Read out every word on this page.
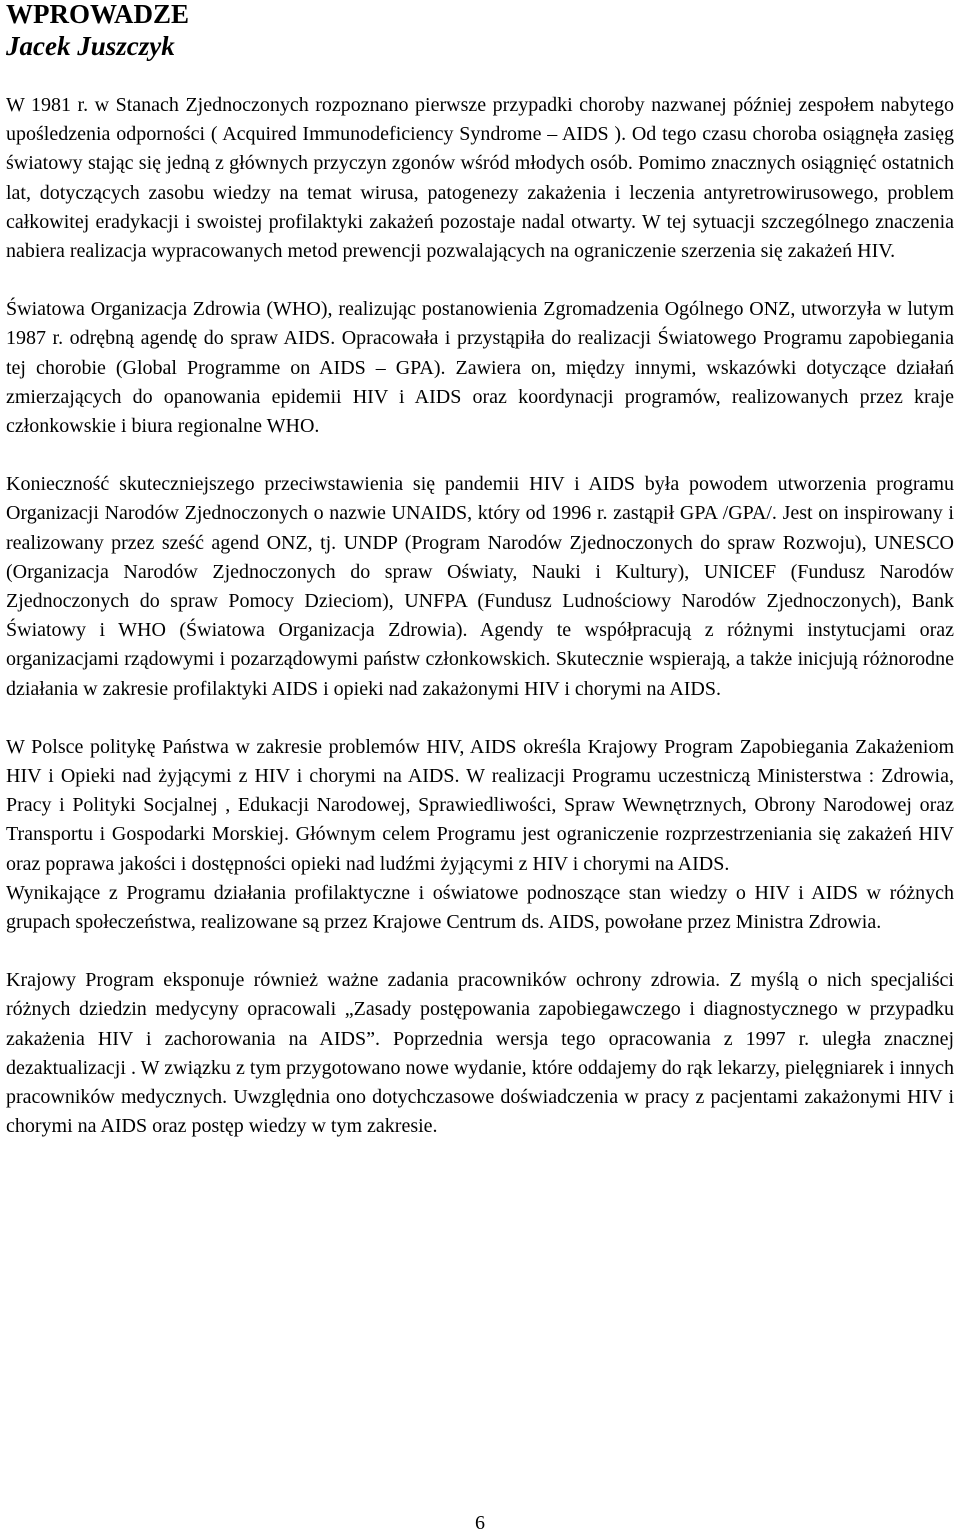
WPROWADZE
Jacek Juszczyk

W 1981 r. w Stanach Zjednoczonych rozpoznano pierwsze przypadki choroby nazwanej później zespołem nabytego upośledzenia odporności ( Acquired Immunodeficiency Syndrome – AIDS ). Od tego czasu choroba osiągnęła zasięg światowy stając się jedną z głównych przyczyn zgonów wśród młodych osób. Pomimo znacznych osiągnięć ostatnich lat, dotyczących zasobu wiedzy na temat wirusa, patogenezy zakażenia i leczenia antyretrowirusowego, problem całkowitej eradykacji i swoistej profilaktyki zakażeń pozostaje nadal otwarty. W tej sytuacji szczególnego znaczenia nabiera realizacja wypracowanych metod prewencji pozwalających na ograniczenie szerzenia się zakażeń HIV.

Światowa Organizacja Zdrowia (WHO), realizując postanowienia Zgromadzenia Ogólnego ONZ, utworzyła w lutym 1987 r. odrębną agendę do spraw AIDS. Opracowała i przystąpiła do realizacji Światowego Programu zapobiegania tej chorobie (Global Programme on AIDS – GPA). Zawiera on, między innymi, wskazówki dotyczące działań zmierzających do opanowania epidemii HIV i AIDS oraz koordynacji programów, realizowanych przez kraje członkowskie i biura regionalne WHO.

Konieczność skuteczniejszego przeciwstawienia się pandemii HIV i AIDS była powodem utworzenia programu Organizacji Narodów Zjednoczonych o nazwie UNAIDS, który od 1996 r. zastąpił GPA /GPA/. Jest on inspirowany i realizowany przez sześć agend ONZ, tj. UNDP (Program Narodów Zjednoczonych do spraw Rozwoju), UNESCO (Organizacja Narodów Zjednoczonych do spraw Oświaty, Nauki i Kultury), UNICEF (Fundusz Narodów Zjednoczonych do spraw Pomocy Dzieciom), UNFPA (Fundusz Ludnościowy Narodów Zjednoczonych), Bank Światowy i WHO (Światowa Organizacja Zdrowia). Agendy te współpracują z różnymi instytucjami oraz organizacjami rządowymi i pozarządowymi państw członkowskich. Skutecznie wspierają, a także inicjują różnorodne działania w zakresie profilaktyki AIDS i opieki nad zakażonymi HIV i chorymi na AIDS.

W Polsce politykę Państwa w zakresie problemów HIV, AIDS określa Krajowy Program Zapobiegania Zakażeniom HIV i Opieki nad żyjącymi z HIV i chorymi na AIDS. W realizacji Programu uczestniczą Ministerstwa : Zdrowia, Pracy i Polityki Socjalnej , Edukacji Narodowej, Sprawiedliwości, Spraw Wewnętrznych, Obrony Narodowej oraz Transportu i Gospodarki Morskiej. Głównym celem Programu jest ograniczenie rozprzestrzeniania się zakażeń HIV oraz poprawa jakości i dostępności opieki nad ludźmi żyjącymi z HIV i chorymi na AIDS.

Wynikające z Programu działania profilaktyczne i oświatowe podnoszące stan wiedzy o HIV i AIDS w różnych grupach społeczeństwa, realizowane są przez Krajowe Centrum ds. AIDS, powołane przez Ministra Zdrowia.

Krajowy Program eksponuje również ważne zadania pracowników ochrony zdrowia. Z myślą o nich specjaliści różnych dziedzin medycyny opracowali „Zasady postępowania zapobiegawczego i diagnostycznego w przypadku zakażenia HIV i zachorowania na AIDS”. Poprzednia wersja tego opracowania z 1997 r. uległa znacznej dezaktualizacji . W związku z tym przygotowano nowe wydanie, które oddajemy do rąk lekarzy, pielęgniarek i innych pracowników medycznych. Uwzględnia ono dotychczasowe doświadczenia w pracy z pacjentami zakażonymi HIV i chorymi na AIDS oraz postęp wiedzy w tym zakresie.

6
